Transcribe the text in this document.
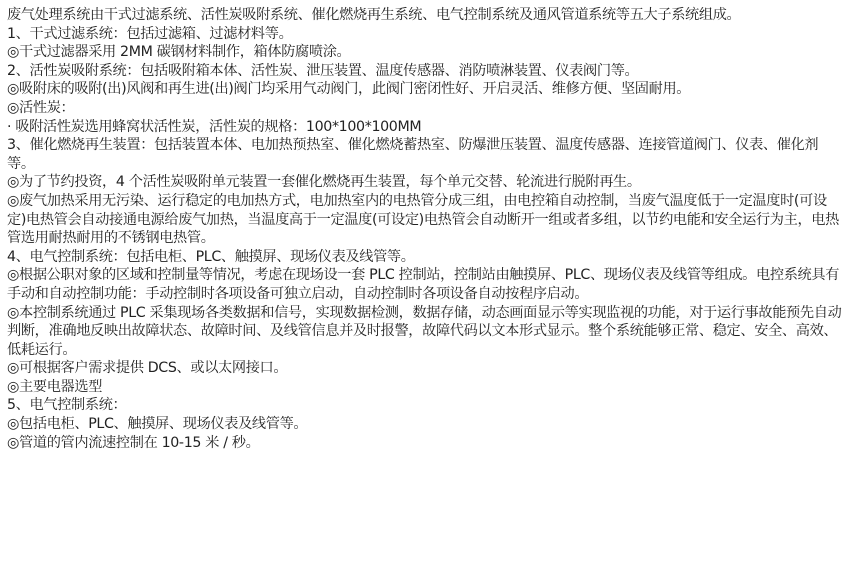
废气处理系统由干式过滤系统、活性炭吸附系统、催化燃烧再生系统、电气控制系统及通风管道系统等五大子系统组成。

1、干式过滤系统：包括过滤箱、过滤材料等。

◎干式过滤器采用 2MM 碳钢材料制作，箱体防腐喷涂。

2、活性炭吸附系统：包括吸附箱本体、活性炭、泄压装置、温度传感器、消防喷淋装置、仪表阀门等。

◎吸附床的吸附(出)风阀和再生进(出)阀门均采用气动阀门，此阀门密闭性好、开启灵活、维修方便、坚固耐用。

◎活性炭：

· 吸附活性炭选用蜂窝状活性炭，活性炭的规格：100*100*100MM

3、催化燃烧再生装置：包括装置本体、电加热预热室、催化燃烧蓄热室、防爆泄压装置、温度传感器、连接管道阀门、仪表、催化剂等。

◎为了节约投资，4 个活性炭吸附单元装置一套催化燃烧再生装置，每个单元交替、轮流进行脱附再生。

◎废气加热采用无污染、运行稳定的电加热方式，电加热室内的电热管分成三组，由电控箱自动控制，当废气温度低于一定温度时(可设定)电热管会自动接通电源给废气加热，当温度高于一定温度(可设定)电热管会自动断开一组或者多组，以节约电能和安全运行为主，电热管选用耐热耐用的不锈钢电热管。

4、电气控制系统：包括电柜、PLC、触摸屏、现场仪表及线管等。

◎根据公职对象的区域和控制量等情况，考虑在现场设一套 PLC 控制站，控制站由触摸屏、PLC、现场仪表及线管等组成。电控系统具有手动和自动控制功能：手动控制时各项设备可独立启动，自动控制时各项设备自动按程序启动。

◎本控制系统通过 PLC 采集现场各类数据和信号，实现数据检测，数据存储，动态画面显示等实现监视的功能，对于运行事故能预先自动判断，准确地反映出故障状态、故障时间、及线管信息并及时报警，故障代码以文本形式显示。整个系统能够正常、稳定、安全、高效、低耗运行。

◎可根据客户需求提供 DCS、或以太网接口。

◎主要电器选型

5、电气控制系统：

◎包括电柜、PLC、触摸屏、现场仪表及线管等。

◎管道的管内流速控制在 10-15 米 / 秒。
